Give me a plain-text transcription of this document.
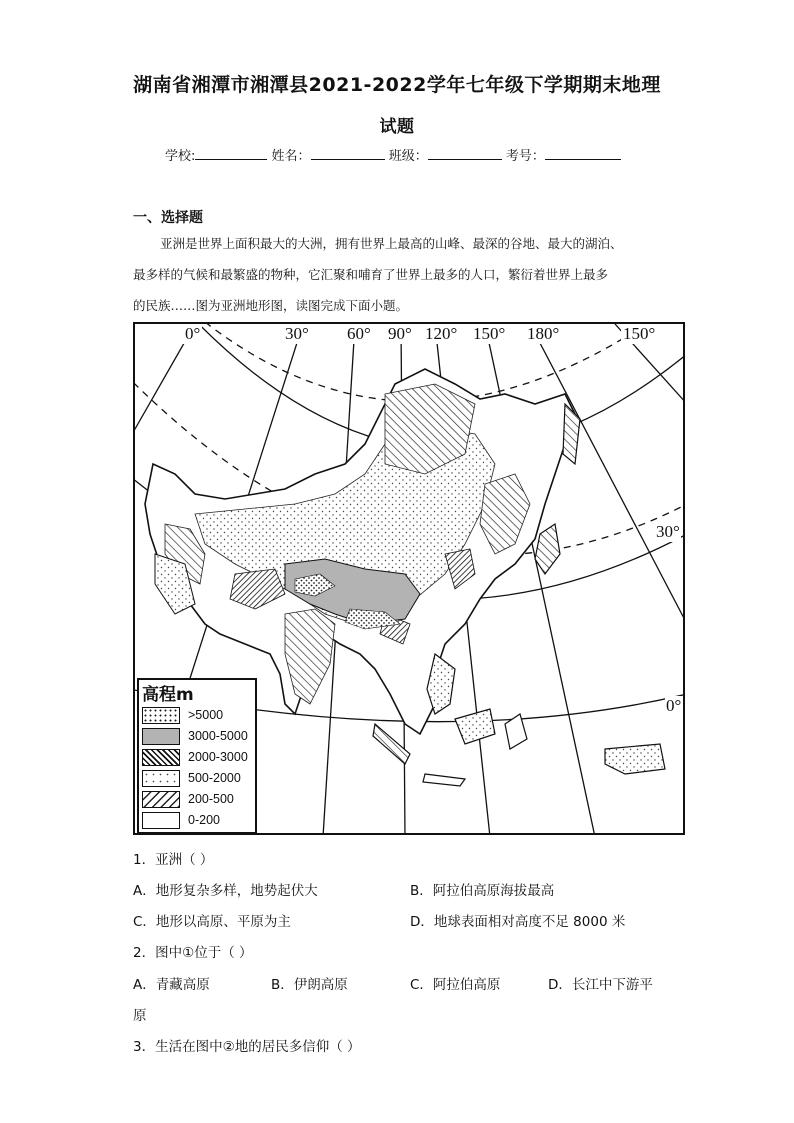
湖南省湘潭市湘潭县2021-2022学年七年级下学期期末地理
试题
学校:	姓名：	班级：	考号：
一、选择题
亚洲是世界上面积最大的大洲，拥有世界上最高的山峰、最深的谷地、最大的湖泊、
最多样的气候和最繁盛的物种，它汇聚和哺育了世界上最多的人口，繁衍着世界上最多
的民族……图为亚洲地形图，读图完成下面小题。
0°	30° 60° 90° 120° 150° 180°	150°
30°
0°
高程m
>5000
3000-5000
2000-3000
500-2000
200-500
0-200
1．亚洲（ ）
A．地形复杂多样，地势起伏大	B．阿拉伯高原海拔最高
C．地形以高原、平原为主	D．地球表面相对高度不足 8000 米
2．图中①位于（ ）
A．青藏高原	B．伊朗高原	C．阿拉伯高原	D．长江中下游平
原
3．生活在图中②地的居民多信仰（ ）
